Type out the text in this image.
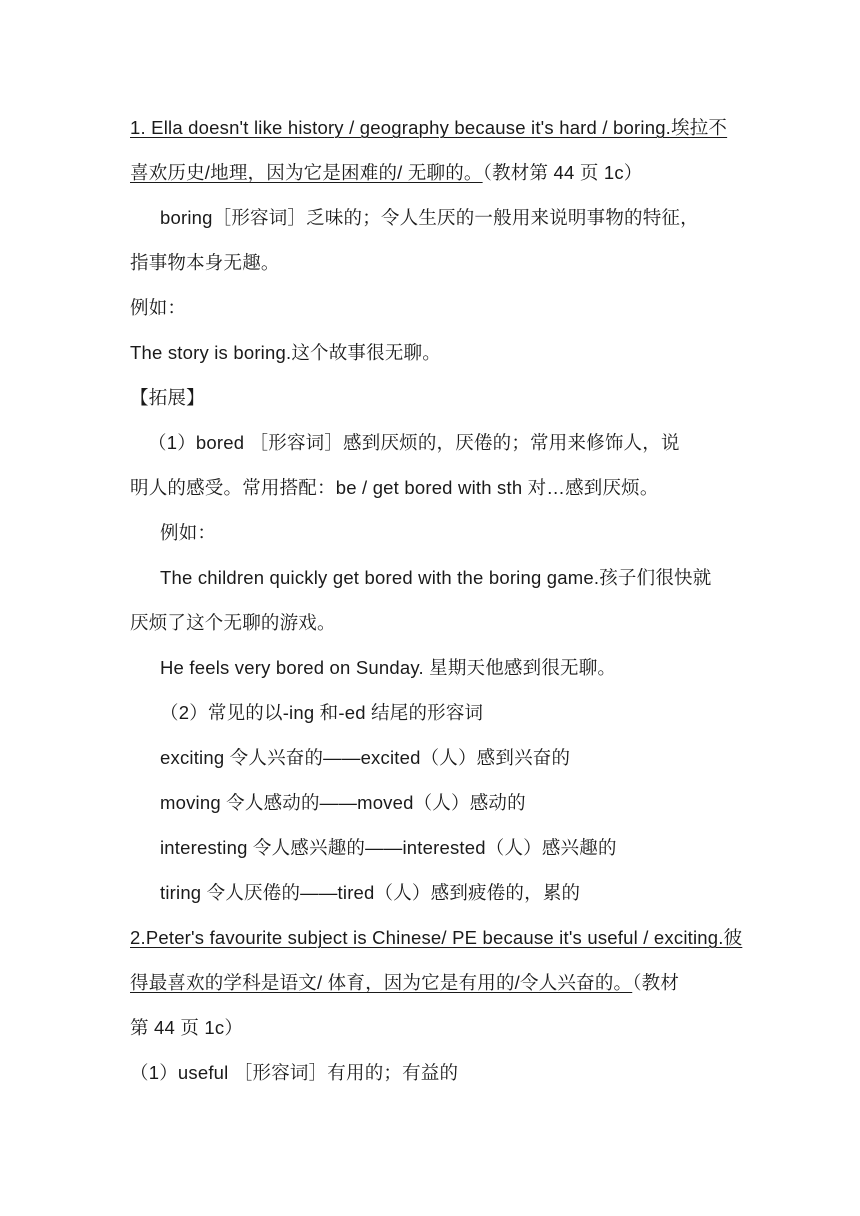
1. Ella doesn't like history / geography because it's hard / boring.埃拉不
喜欢历史/地理，因为它是困难的/ 无聊的。（教材第 44 页 1c）
boring［形容词］乏味的；令人生厌的一般用来说明事物的特征，
指事物本身无趣。
例如：
The story is boring.这个故事很无聊。
【拓展】
（1）bored ［形容词］感到厌烦的，厌倦的；常用来修饰人，说
明人的感受。常用搭配：be / get bored with sth 对…感到厌烦。
例如：
The children quickly get bored with the boring game.孩子们很快就
厌烦了这个无聊的游戏。
He feels very bored on Sunday. 星期天他感到很无聊。
（2）常见的以-ing 和-ed 结尾的形容词
exciting 令人兴奋的——excited（人）感到兴奋的
moving 令人感动的——moved（人）感动的
interesting 令人感兴趣的——interested（人）感兴趣的
tiring 令人厌倦的——tired（人）感到疲倦的，累的
2.Peter's favourite subject is Chinese/ PE because it's useful / exciting.彼
得最喜欢的学科是语文/ 体育，因为它是有用的/令人兴奋的。（教材
第 44 页 1c）
（1）useful ［形容词］有用的；有益的
